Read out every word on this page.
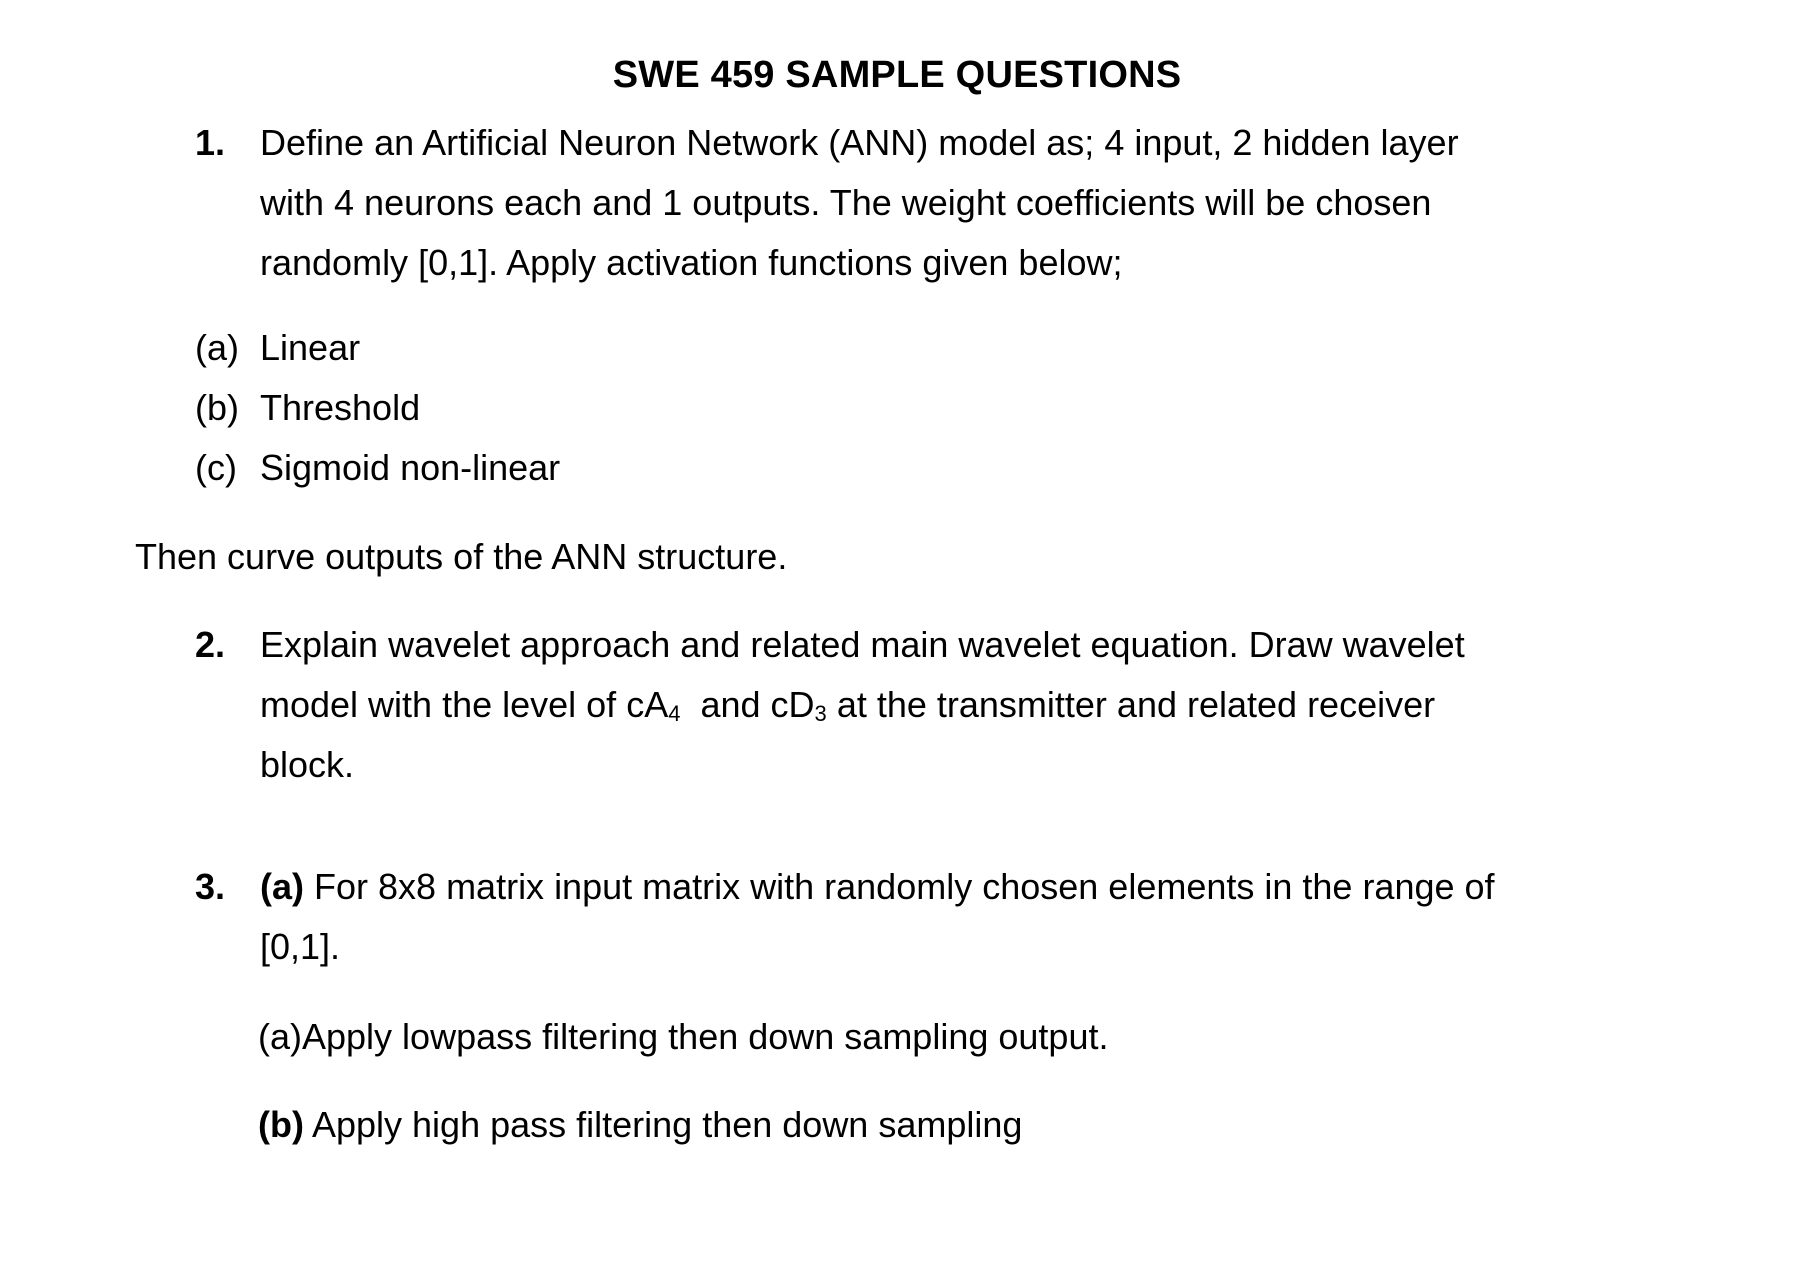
SWE 459 SAMPLE QUESTIONS
1. Define an Artificial Neuron Network (ANN) model as; 4 input, 2 hidden layer
with 4 neurons each and 1 outputs. The weight coefficients will be chosen
randomly [0,1]. Apply activation functions given below;
(a) Linear
(b) Threshold
(c) Sigmoid non-linear
Then curve outputs of the ANN structure.
2. Explain wavelet approach and related main wavelet equation. Draw wavelet
model with the level of $cA_4$ and $cD_3$ at the transmitter and related receiver
block.
3. (a) For 8x8 matrix input matrix with randomly chosen elements in the range of
[0,1].
(a)Apply lowpass filtering then down sampling output.
(b) Apply high pass filtering then down sampling
